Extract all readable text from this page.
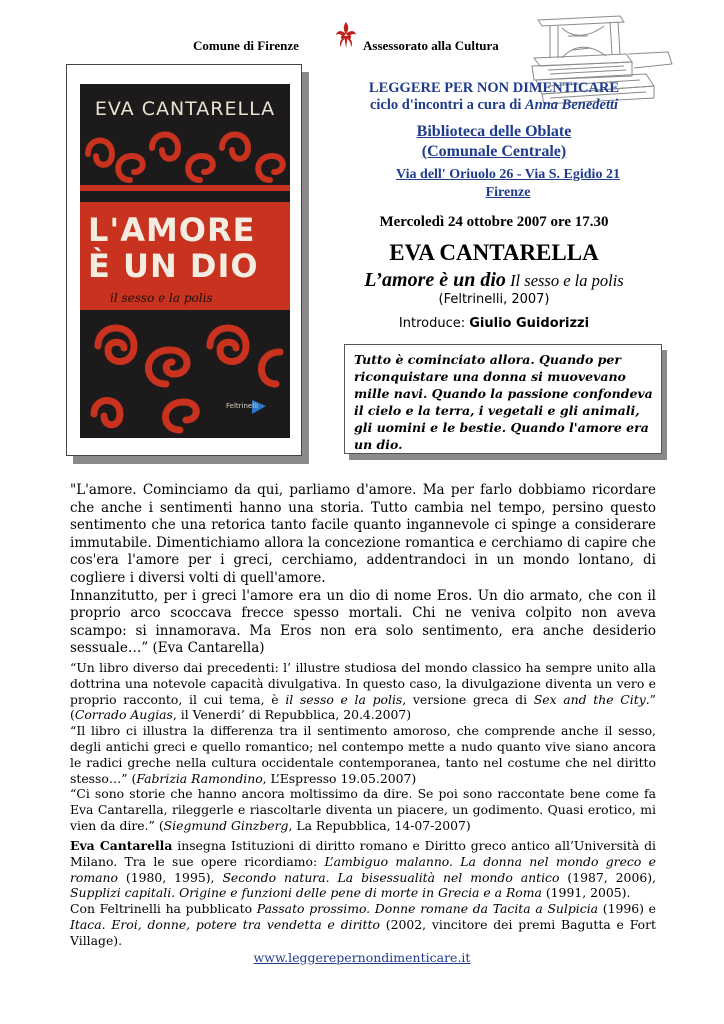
Comune di Firenze	Assessorato alla Cultura
EVA CANTARELLA
L'AMORE
È UN DIO
il sesso e la polis
Feltrinelli
LEGGERE PER NON DIMENTICARE
ciclo d'incontri a cura di Anna Benedetti
Biblioteca delle Oblate
(Comunale Centrale)
Via dell' Oriuolo 26 - Via S. Egidio 21
Firenze
Mercoledì 24 ottobre 2007 ore 17.30
EVA CANTARELLA
L’amore è un dio Il sesso e la polis
(Feltrinelli, 2007)
Introduce: Giulio Guidorizzi
Tutto è cominciato allora. Quando per riconquistare una donna si muovevano mille navi. Quando la passione confondeva il cielo e la terra, i vegetali e gli animali, gli uomini e le bestie. Quando l'amore era un dio.
"L'amore. Cominciamo da qui, parliamo d'amore. Ma per farlo dobbiamo ricordare che anche i sentimenti hanno una storia. Tutto cambia nel tempo, persino questo sentimento che una retorica tanto facile quanto ingannevole ci spinge a considerare immutabile. Dimentichiamo allora la concezione romantica e cerchiamo di capire che cos'era l'amore per i greci, cerchiamo, addentrandoci in un mondo lontano, di cogliere i diversi volti di quell'amore.
Innanzitutto, per i greci l'amore era un dio di nome Eros. Un dio armato, che con il proprio arco scoccava frecce spesso mortali. Chi ne veniva colpito non aveva scampo: si innamorava. Ma Eros non era solo sentimento, era anche desiderio sessuale…” (Eva Cantarella)
“Un libro diverso dai precedenti: l’ illustre studiosa del mondo classico ha sempre unito alla dottrina una notevole capacità divulgativa. In questo caso, la divulgazione diventa un vero e proprio racconto, il cui tema, è il sesso e la polis, versione greca di Sex and the City.” (Corrado Augias, il Venerdi’ di Repubblica, 20.4.2007)
“Il libro ci illustra la differenza tra il sentimento amoroso, che comprende anche il sesso, degli antichi greci e quello romantico; nel contempo mette a nudo quanto vive siano ancora le radici greche nella cultura occidentale contemporanea, tanto nel costume che nel diritto stesso…” (Fabrizia Ramondino, L’Espresso 19.05.2007)
“Ci sono storie che hanno ancora moltissimo da dire. Se poi sono raccontate bene come fa Eva Cantarella, rileggerle e riascoltarle diventa un piacere, un godimento. Quasi erotico, mi vien da dire.” (Siegmund Ginzberg, La Repubblica, 14-07-2007)
Eva Cantarella insegna Istituzioni di diritto romano e Diritto greco antico all’Università di Milano. Tra le sue opere ricordiamo: L’ambiguo malanno. La donna nel mondo greco e romano (1980, 1995), Secondo natura. La bisessualità nel mondo antico (1987, 2006), Supplizi capitali. Origine e funzioni delle pene di morte in Grecia e a Roma (1991, 2005).
Con Feltrinelli ha pubblicato Passato prossimo. Donne romane da Tacita a Sulpicia (1996) e Itaca. Eroi, donne, potere tra vendetta e diritto (2002, vincitore dei premi Bagutta e Fort Village).
www.leggerepernondimenticare.it
